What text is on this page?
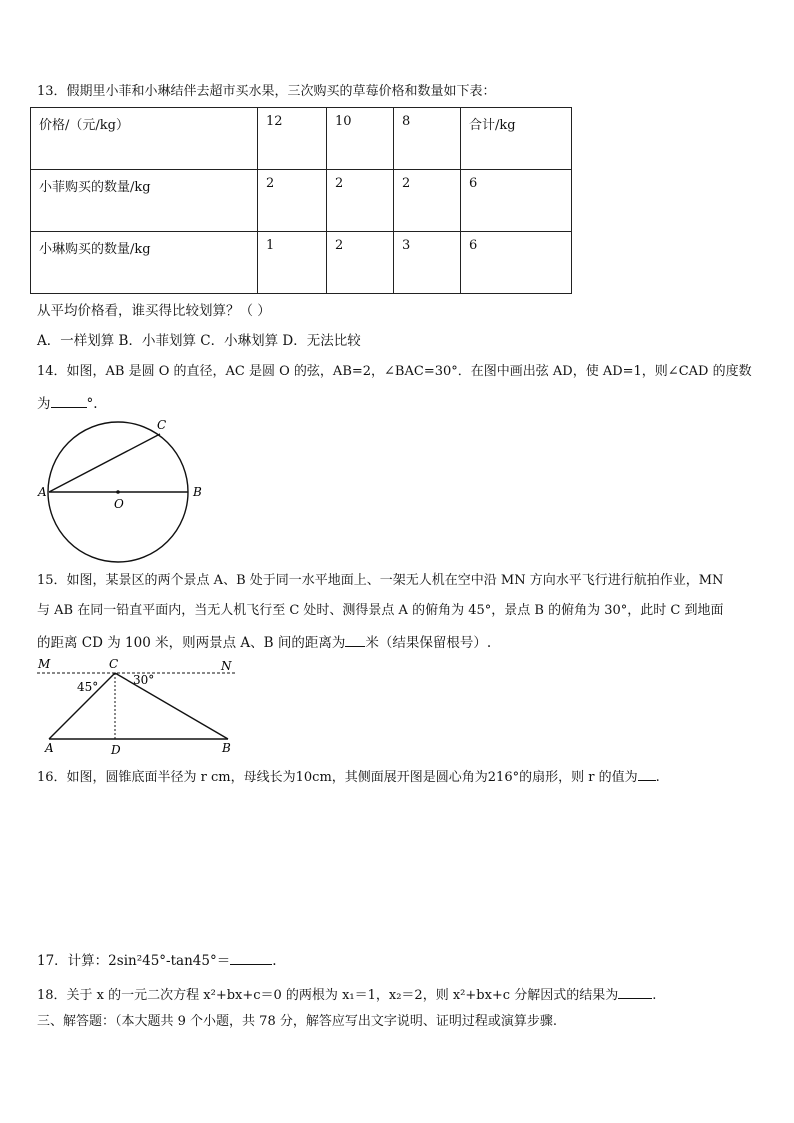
13．假期里小菲和小琳结伴去超市买水果，三次购买的草莓价格和数量如下表：
价格/（元/kg）	12	10	8	合计/kg
小菲购买的数量/kg	2	2	2	6
小琳购买的数量/kg	1	2	3	6
从平均价格看，谁买得比较划算？（ ）
A．一样划算 B．小菲划算 C．小琳划算 D．无法比较
14．如图，AB 是圆 O 的直径，AC 是圆 O 的弦，AB=2，∠BAC=30°．在图中画出弦 AD，使 AD=1，则∠CAD 的度数
为	°.
A	B
C
O
15．如图，某景区的两个景点 A、B 处于同一水平地面上、一架无人机在空中沿 MN 方向水平飞行进行航拍作业，MN
与 AB 在同一铅直平面内，当无人机飞行至 C 处时、测得景点 A 的俯角为 45°，景点 B 的俯角为 30°，此时 C 到地面
的距离 CD 为 100 米，则两景点 A、B 间的距离为 米（结果保留根号）.
M	N
C
45°	30°
A	D	B
16．如图，圆锥底面半径为 r cm，母线长为10cm，其侧面展开图是圆心角为216°的扇形，则 r 的值为 .
17．计算：2sin²45°-tan45°＝	.
18．关于 x 的一元二次方程 x²+bx+c＝0 的两根为 x₁＝1，x₂＝2，则 x²+bx+c 分解因式的结果为	.
三、解答题：（本大题共 9 个小题，共 78 分，解答应写出文字说明、证明过程或演算步骤.
